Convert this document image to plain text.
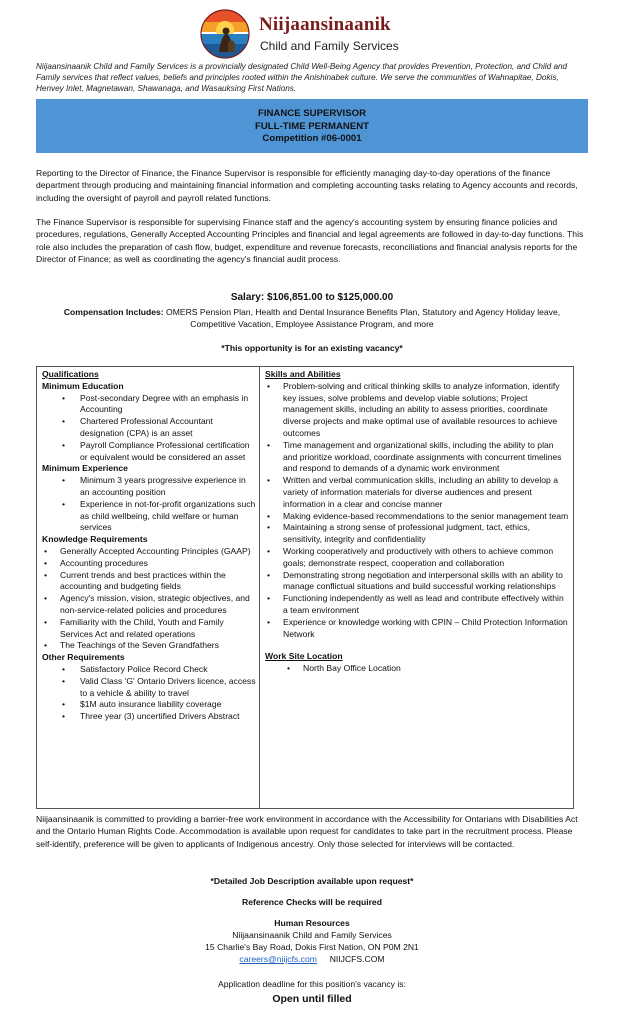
Niijaansinaanik
Child and Family Services
Niijaansinaanik Child and Family Services is a provincially designated Child Well-Being Agency that provides Prevention, Protection, and Child and Family services that reflect values, beliefs and principles rooted within the Anishinabek culture. We serve the communities of Wahnapitae, Dokis, Henvey Inlet, Magnetawan, Shawanaga, and Wasauksing First Nations.
FINANCE SUPERVISOR
FULL-TIME PERMANENT
Competition #06-0001
Reporting to the Director of Finance, the Finance Supervisor is responsible for efficiently managing day-to-day operations of the finance department through producing and maintaining financial information and completing accounting tasks relating to Agency accounts and records, including the oversight of payroll and payroll related functions.
The Finance Supervisor is responsible for supervising Finance staff and the agency's accounting system by ensuring finance policies and procedures, regulations, Generally Accepted Accounting Principles and financial and legal agreements are followed in day-to-day functions. This role also includes the preparation of cash flow, budget, expenditure and revenue forecasts, reconciliations and financial analysis reports for the Director of Finance; as well as coordinating the agency's financial audit process.
Salary: $106,851.00 to $125,000.00
Compensation Includes: OMERS Pension Plan, Health and Dental Insurance Benefits Plan, Statutory and Agency Holiday leave, Competitive Vacation, Employee Assistance Program, and more
*This opportunity is for an existing vacancy*
Qualifications
Minimum Education
• Post-secondary Degree with an emphasis in Accounting
• Chartered Professional Accountant designation (CPA) is an asset
• Payroll Compliance Professional certification or equivalent would be considered an asset
Minimum Experience
• Minimum 3 years progressive experience in an accounting position
• Experience in not-for-profit organizations such as child wellbeing, child welfare or human services
Knowledge Requirements
• Generally Accepted Accounting Principles (GAAP)
• Accounting procedures
• Current trends and best practices within the accounting and budgeting fields
• Agency's mission, vision, strategic objectives, and non-service-related policies and procedures
• Familiarity with the Child, Youth and Family Services Act and related operations
• The Teachings of the Seven Grandfathers
Other Requirements
• Satisfactory Police Record Check
• Valid Class 'G' Ontario Drivers licence, access to a vehicle & ability to travel
• $1M auto insurance liability coverage
• Three year (3) uncertified Drivers Abstract
Skills and Abilities
• Problem-solving and critical thinking skills to analyze information, identify key issues, solve problems and develop viable solutions; Project management skills, including an ability to assess priorities, coordinate diverse projects and make optimal use of available resources to achieve outcomes
• Time management and organizational skills, including the ability to plan and prioritize workload, coordinate assignments with concurrent timelines and respond to demands of a dynamic work environment
• Written and verbal communication skills, including an ability to develop a variety of information materials for diverse audiences and present information in a clear and concise manner
• Making evidence-based recommendations to the senior management team
• Maintaining a strong sense of professional judgment, tact, ethics, sensitivity, integrity and confidentiality
• Working cooperatively and productively with others to achieve common goals; demonstrate respect, cooperation and collaboration
• Demonstrating strong negotiation and interpersonal skills with an ability to manage conflictual situations and build successful working relationships
• Functioning independently as well as lead and contribute effectively within a team environment
• Experience or knowledge working with CPIN – Child Protection Information Network
Work Site Location
• North Bay Office Location
Niijaansinaanik is committed to providing a barrier-free work environment in accordance with the Accessibility for Ontarians with Disabilities Act and the Ontario Human Rights Code. Accommodation is available upon request for candidates to take part in the recruitment process. Please self-identify, preference will be given to applicants of Indigenous ancestry. Only those selected for interviews will be contacted.
*Detailed Job Description available upon request*
Reference Checks will be required
Human Resources
Niijaansinaanik Child and Family Services
15 Charlie's Bay Road, Dokis First Nation, ON P0M 2N1
careers@niijcfs.com NIIJCFS.COM
Application deadline for this position's vacancy is:
Open until filled
